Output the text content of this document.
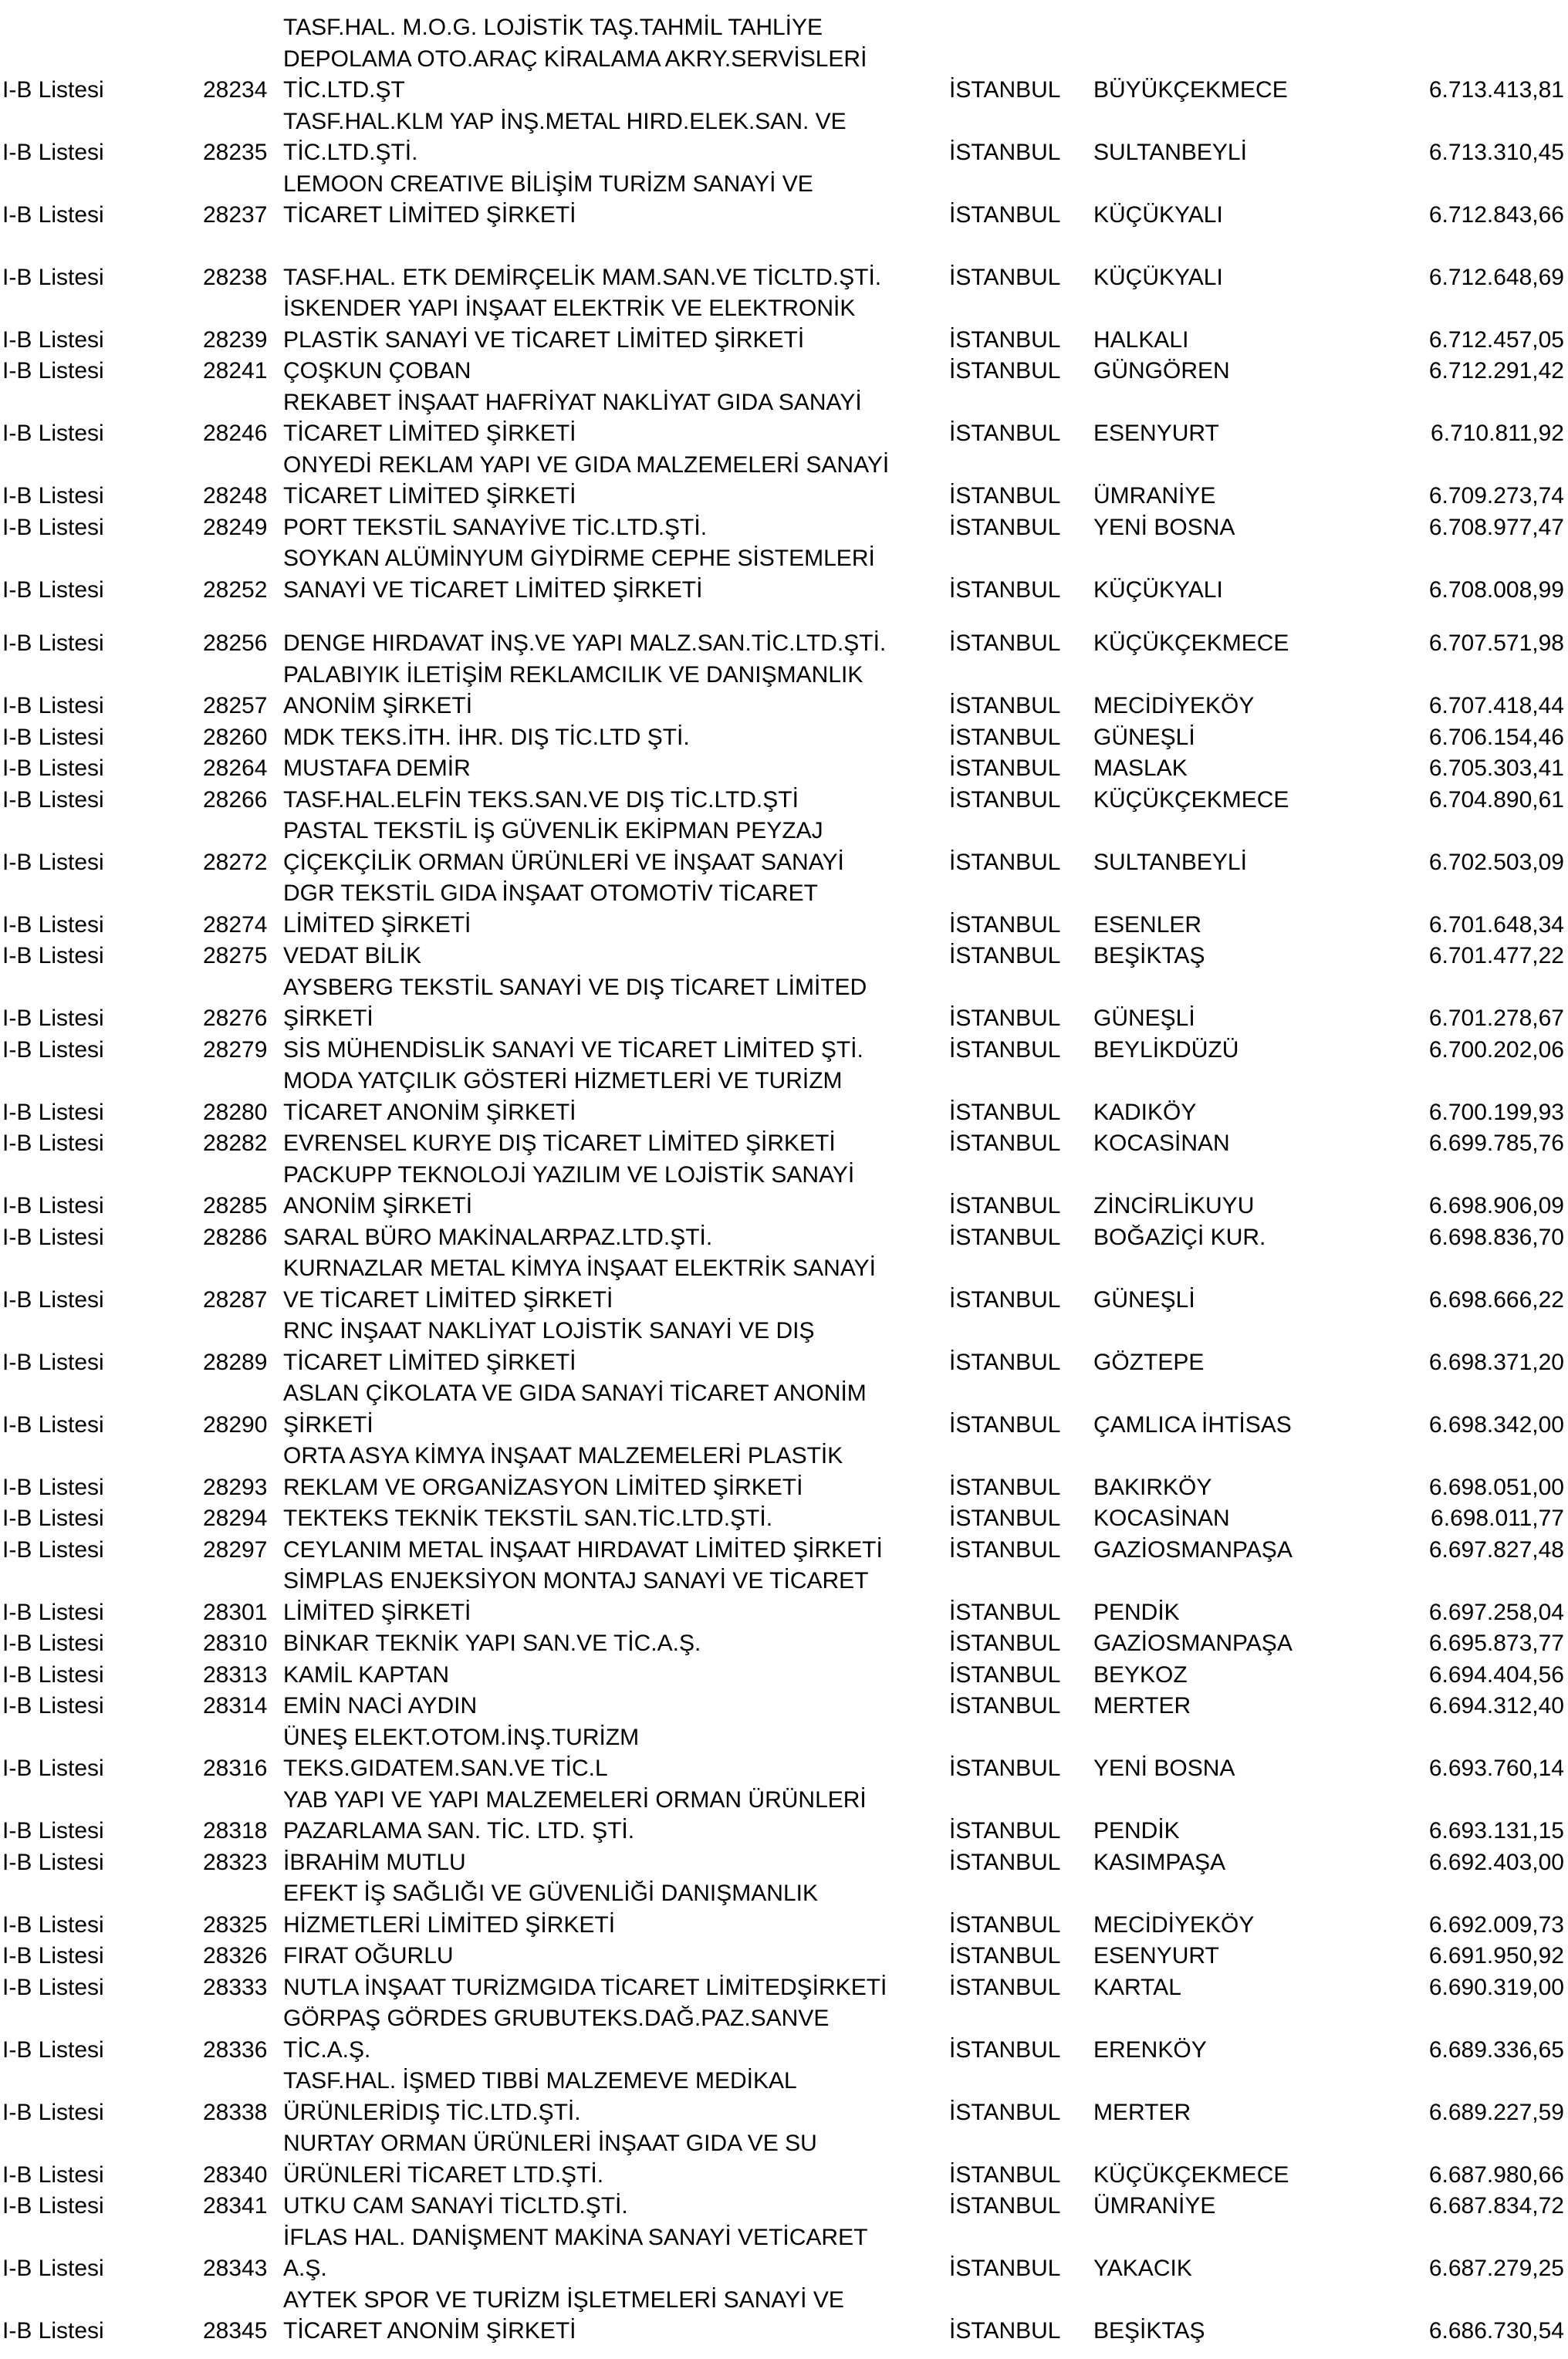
TASF.HAL. M.O.G. LOJİSTİK TAŞ.TAHMİL TAHLİYE
DEPOLAMA OTO.ARAÇ KİRALAMA AKRY.SERVİSLERİ
I-B Listesi	28234 TİC.LTD.ŞT	İSTANBUL BÜYÜKÇEKMECE	6.713.413,81
TASF.HAL.KLM YAP İNŞ.METAL HIRD.ELEK.SAN. VE
I-B Listesi	28235 TİC.LTD.ŞTİ.	İSTANBUL SULTANBEYLİ	6.713.310,45
LEMOON CREATIVE BİLİŞİM TURİZM SANAYİ VE
I-B Listesi	28237 TİCARET LİMİTED ŞİRKETİ	İSTANBUL KÜÇÜKYALI	6.712.843,66
I-B Listesi	28238 TASF.HAL. ETK DEMİRÇELİK MAM.SAN.VE TİCLTD.ŞTİ.	İSTANBUL KÜÇÜKYALI	6.712.648,69
İSKENDER YAPI İNŞAAT ELEKTRİK VE ELEKTRONİK
I-B Listesi	28239 PLASTİK SANAYİ VE TİCARET LİMİTED ŞİRKETİ	İSTANBUL HALKALI	6.712.457,05
I-B Listesi	28241 ÇOŞKUN ÇOBAN	İSTANBUL GÜNGÖREN	6.712.291,42
REKABET İNŞAAT HAFRİYAT NAKLİYAT GIDA SANAYİ
I-B Listesi	28246 TİCARET LİMİTED ŞİRKETİ	İSTANBUL ESENYURT	6.710.811,92
ONYEDİ REKLAM YAPI VE GIDA MALZEMELERİ SANAYİ
I-B Listesi	28248 TİCARET LİMİTED ŞİRKETİ	İSTANBUL ÜMRANİYE	6.709.273,74
I-B Listesi	28249 PORT TEKSTİL SANAYİVE TİC.LTD.ŞTİ.	İSTANBUL YENİ BOSNA	6.708.977,47
SOYKAN ALÜMİNYUM GİYDİRME CEPHE SİSTEMLERİ
I-B Listesi	28252 SANAYİ VE TİCARET LİMİTED ŞİRKETİ	İSTANBUL KÜÇÜKYALI	6.708.008,99
I-B Listesi	28256 DENGE HIRDAVAT İNŞ.VE YAPI MALZ.SAN.TİC.LTD.ŞTİ.	İSTANBUL KÜÇÜKÇEKMECE	6.707.571,98
PALABIYIK İLETİŞİM REKLAMCILIK VE DANIŞMANLIK
I-B Listesi	28257 ANONİM ŞİRKETİ	İSTANBUL MECİDİYEKÖY	6.707.418,44
I-B Listesi	28260 MDK TEKS.İTH. İHR. DIŞ TİC.LTD ŞTİ.	İSTANBUL GÜNEŞLİ	6.706.154,46
I-B Listesi	28264 MUSTAFA DEMİR	İSTANBUL MASLAK	6.705.303,41
I-B Listesi	28266 TASF.HAL.ELFİN TEKS.SAN.VE DIŞ TİC.LTD.ŞTİ	İSTANBUL KÜÇÜKÇEKMECE	6.704.890,61
PASTAL TEKSTİL İŞ GÜVENLİK EKİPMAN PEYZAJ
I-B Listesi	28272 ÇİÇEKÇİLİK ORMAN ÜRÜNLERİ VE İNŞAAT SANAYİ	İSTANBUL SULTANBEYLİ	6.702.503,09
DGR TEKSTİL GIDA İNŞAAT OTOMOTİV TİCARET
I-B Listesi	28274 LİMİTED ŞİRKETİ	İSTANBUL ESENLER	6.701.648,34
I-B Listesi	28275 VEDAT BİLİK	İSTANBUL BEŞİKTAŞ	6.701.477,22
AYSBERG TEKSTİL SANAYİ VE DIŞ TİCARET LİMİTED
I-B Listesi	28276 ŞİRKETİ	İSTANBUL GÜNEŞLİ	6.701.278,67
I-B Listesi	28279 SİS MÜHENDİSLİK SANAYİ VE TİCARET LİMİTED ŞTİ.	İSTANBUL BEYLİKDÜZÜ	6.700.202,06
MODA YATÇILIK GÖSTERİ HİZMETLERİ VE TURİZM
I-B Listesi	28280 TİCARET ANONİM ŞİRKETİ	İSTANBUL KADIKÖY	6.700.199,93
I-B Listesi	28282 EVRENSEL KURYE DIŞ TİCARET LİMİTED ŞİRKETİ	İSTANBUL KOCASİNAN	6.699.785,76
PACKUPP TEKNOLOJİ YAZILIM VE LOJİSTİK SANAYİ
I-B Listesi	28285 ANONİM ŞİRKETİ	İSTANBUL ZİNCİRLİKUYU	6.698.906,09
I-B Listesi	28286 SARAL BÜRO MAKİNALARPAZ.LTD.ŞTİ.	İSTANBUL BOĞAZİÇİ KUR.	6.698.836,70
KURNAZLAR METAL KİMYA İNŞAAT ELEKTRİK SANAYİ
I-B Listesi	28287 VE TİCARET LİMİTED ŞİRKETİ	İSTANBUL GÜNEŞLİ	6.698.666,22
RNC İNŞAAT NAKLİYAT LOJİSTİK SANAYİ VE DIŞ
I-B Listesi	28289 TİCARET LİMİTED ŞİRKETİ	İSTANBUL GÖZTEPE	6.698.371,20
ASLAN ÇİKOLATA VE GIDA SANAYİ TİCARET ANONİM
I-B Listesi	28290 ŞİRKETİ	İSTANBUL ÇAMLICA İHTİSAS	6.698.342,00
ORTA ASYA KİMYA İNŞAAT MALZEMELERİ PLASTİK
I-B Listesi	28293 REKLAM VE ORGANİZASYON LİMİTED ŞİRKETİ	İSTANBUL BAKIRKÖY	6.698.051,00
I-B Listesi	28294 TEKTEKS TEKNİK TEKSTİL SAN.TİC.LTD.ŞTİ.	İSTANBUL KOCASİNAN	6.698.011,77
I-B Listesi	28297 CEYLANIM METAL İNŞAAT HIRDAVAT LİMİTED ŞİRKETİ	İSTANBUL GAZİOSMANPAŞA	6.697.827,48
SİMPLAS ENJEKSİYON MONTAJ SANAYİ VE TİCARET
I-B Listesi	28301 LİMİTED ŞİRKETİ	İSTANBUL PENDİK	6.697.258,04
I-B Listesi	28310 BİNKAR TEKNİK YAPI SAN.VE TİC.A.Ş.	İSTANBUL GAZİOSMANPAŞA	6.695.873,77
I-B Listesi	28313 KAMİL KAPTAN	İSTANBUL BEYKOZ	6.694.404,56
I-B Listesi	28314 EMİN NACİ AYDIN	İSTANBUL MERTER	6.694.312,40
ÜNEŞ ELEKT.OTOM.İNŞ.TURİZM
I-B Listesi	28316 TEKS.GIDATEM.SAN.VE TİC.L	İSTANBUL YENİ BOSNA	6.693.760,14
YAB YAPI VE YAPI MALZEMELERİ ORMAN ÜRÜNLERİ
I-B Listesi	28318 PAZARLAMA SAN. TİC. LTD. ŞTİ.	İSTANBUL PENDİK	6.693.131,15
I-B Listesi	28323 İBRAHİM MUTLU	İSTANBUL KASIMPAŞA	6.692.403,00
EFEKT İŞ SAĞLIĞI VE GÜVENLİĞİ DANIŞMANLIK
I-B Listesi	28325 HİZMETLERİ LİMİTED ŞİRKETİ	İSTANBUL MECİDİYEKÖY	6.692.009,73
I-B Listesi	28326 FIRAT OĞURLU	İSTANBUL ESENYURT	6.691.950,92
I-B Listesi	28333 NUTLA İNŞAAT TURİZMGIDA TİCARET LİMİTEDŞİRKETİ	İSTANBUL KARTAL	6.690.319,00
GÖRPAŞ GÖRDES GRUBUTEKS.DAĞ.PAZ.SANVE
I-B Listesi	28336 TİC.A.Ş.	İSTANBUL ERENKÖY	6.689.336,65
TASF.HAL. İŞMED TIBBİ MALZEMEVE MEDİKAL
I-B Listesi	28338 ÜRÜNLERİDIŞ TİC.LTD.ŞTİ.	İSTANBUL MERTER	6.689.227,59
NURTAY ORMAN ÜRÜNLERİ İNŞAAT GIDA VE SU
I-B Listesi	28340 ÜRÜNLERİ TİCARET LTD.ŞTİ.	İSTANBUL KÜÇÜKÇEKMECE	6.687.980,66
I-B Listesi	28341 UTKU CAM SANAYİ TİCLTD.ŞTİ.	İSTANBUL ÜMRANİYE	6.687.834,72
İFLAS HAL. DANİŞMENT MAKİNA SANAYİ VETİCARET
I-B Listesi	28343 A.Ş.	İSTANBUL YAKACIK	6.687.279,25
AYTEK SPOR VE TURİZM İŞLETMELERİ SANAYİ VE
I-B Listesi	28345 TİCARET ANONİM ŞİRKETİ	İSTANBUL BEŞİKTAŞ	6.686.730,54
